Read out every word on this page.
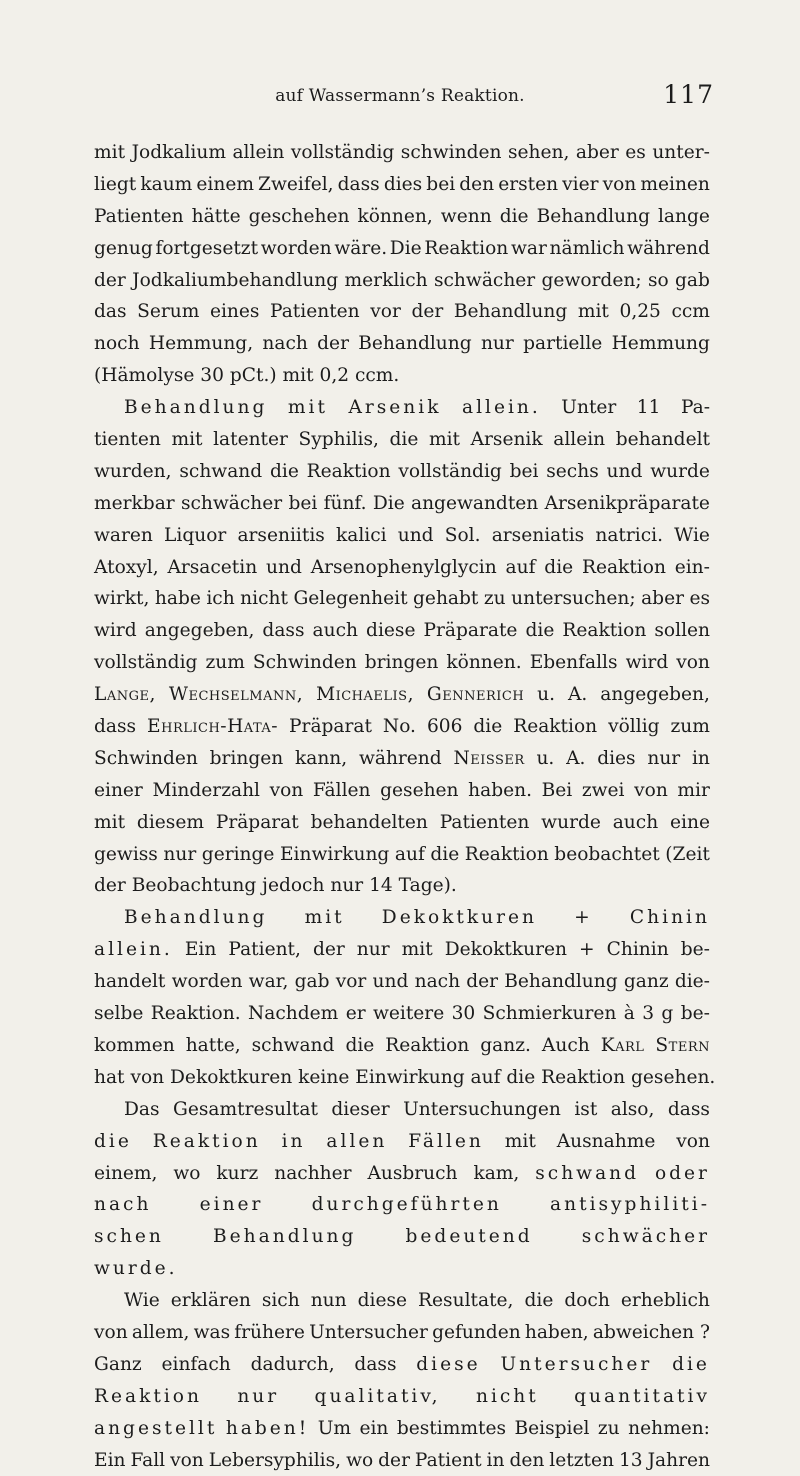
auf Wassermann’s Reaktion.	117
mit Jodkalium allein vollständig schwinden sehen, aber es unter-
liegt kaum einem Zweifel, dass dies bei den ersten vier von meinen
Patienten hätte geschehen können, wenn die Behandlung lange
genug fortgesetzt worden wäre. Die Reaktion war nämlich während
der Jodkaliumbehandlung merklich schwächer geworden; so gab
das Serum eines Patienten vor der Behandlung mit 0,25 ccm
noch Hemmung, nach der Behandlung nur partielle Hemmung
(Hämolyse 30 pCt.) mit 0,2 ccm.
Behandlung mit Arsenik allein. Unter 11 Pa-
tienten mit latenter Syphilis, die mit Arsenik allein behandelt
wurden, schwand die Reaktion vollständig bei sechs und wurde
merkbar schwächer bei fünf. Die angewandten Arsenikpräparate
waren Liquor arseniitis kalici und Sol. arseniatis natrici. Wie
Atoxyl, Arsacetin und Arsenophenylglycin auf die Reaktion ein-
wirkt, habe ich nicht Gelegenheit gehabt zu untersuchen; aber es
wird angegeben, dass auch diese Präparate die Reaktion sollen
vollständig zum Schwinden bringen können. Ebenfalls wird von
Lange, Wechselmann, Michaelis, Gennerich u. A. angegeben,
dass Ehrlich-Hata- Präparat No. 606 die Reaktion völlig zum
Schwinden bringen kann, während Neisser u. A. dies nur in
einer Minderzahl von Fällen gesehen haben. Bei zwei von mir
mit diesem Präparat behandelten Patienten wurde auch eine
gewiss nur geringe Einwirkung auf die Reaktion beobachtet (Zeit
der Beobachtung jedoch nur 14 Tage).
Behandlung mit Dekoktkuren + Chinin
allein. Ein Patient, der nur mit Dekoktkuren + Chinin be-
handelt worden war, gab vor und nach der Behandlung ganz die-
selbe Reaktion. Nachdem er weitere 30 Schmierkuren à 3 g be-
kommen hatte, schwand die Reaktion ganz. Auch Karl Stern
hat von Dekoktkuren keine Einwirkung auf die Reaktion gesehen.
Das Gesamtresultat dieser Untersuchungen ist also, dass
die Reaktion in allen Fällen mit Ausnahme von
einem, wo kurz nachher Ausbruch kam, schwand oder
nach	einer	durchgeführten	antisyphiliti-
schen	Behandlung	bedeutend	schwächer
wurde.
Wie erklären sich nun diese Resultate, die doch erheblich
von allem, was frühere Untersucher gefunden haben, abweichen ?
Ganz einfach dadurch, dass diese Untersucher die
Reaktion nur qualitativ, nicht quantitativ
angestellt haben! Um ein bestimmtes Beispiel zu nehmen:
Ein Fall von Lebersyphilis, wo der Patient in den letzten 13 Jahren
